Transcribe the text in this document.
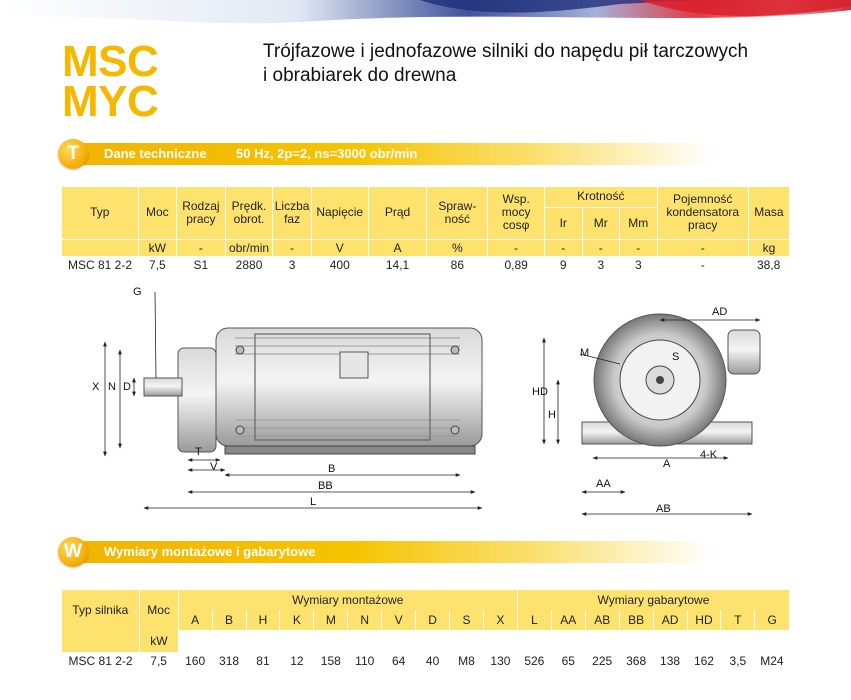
MSC
MYC
Trójfazowe i jednofazowe silniki do napędu pił tarczowych
i obrabiarek do drewna
T	Dane techniczne 50 Hz, 2p=2, ns=3000 obr/min
Typ	Moc	Rodzaj pracy	Prędk. obrot.	Liczba faz	Napięcie	Prąd	Spraw-ność	Wsp. mocy cosφ	Krotność			Pojemność kondensatora pracy	Masa
									Ir	Mr	Mm		
	kW	-	obr/min	-	V	A	%	-	-	-	-	-	kg
MSC 81 2-2	7,5	S1	2880	3	400	14,1	86	0,89	9	3	3	-	38,8
G
X N D
T
V	B
BB
L
AD
M	S
HD
H
A
4-K
AA
AB
W	Wymiary montażowe i gabarytowe
Typ silnika	Moc	Wymiary montażowe										Wymiary gabarytowe							
		A	B	H	K	M	N	V	D	S	X	L	AA	AB	BB	AD	HD	T	G
	kW																		
MSC 81 2-2	7,5	160	318	81	12	158	110	64	40	M8	130	526	65	225	368	138	162	3,5	M24
